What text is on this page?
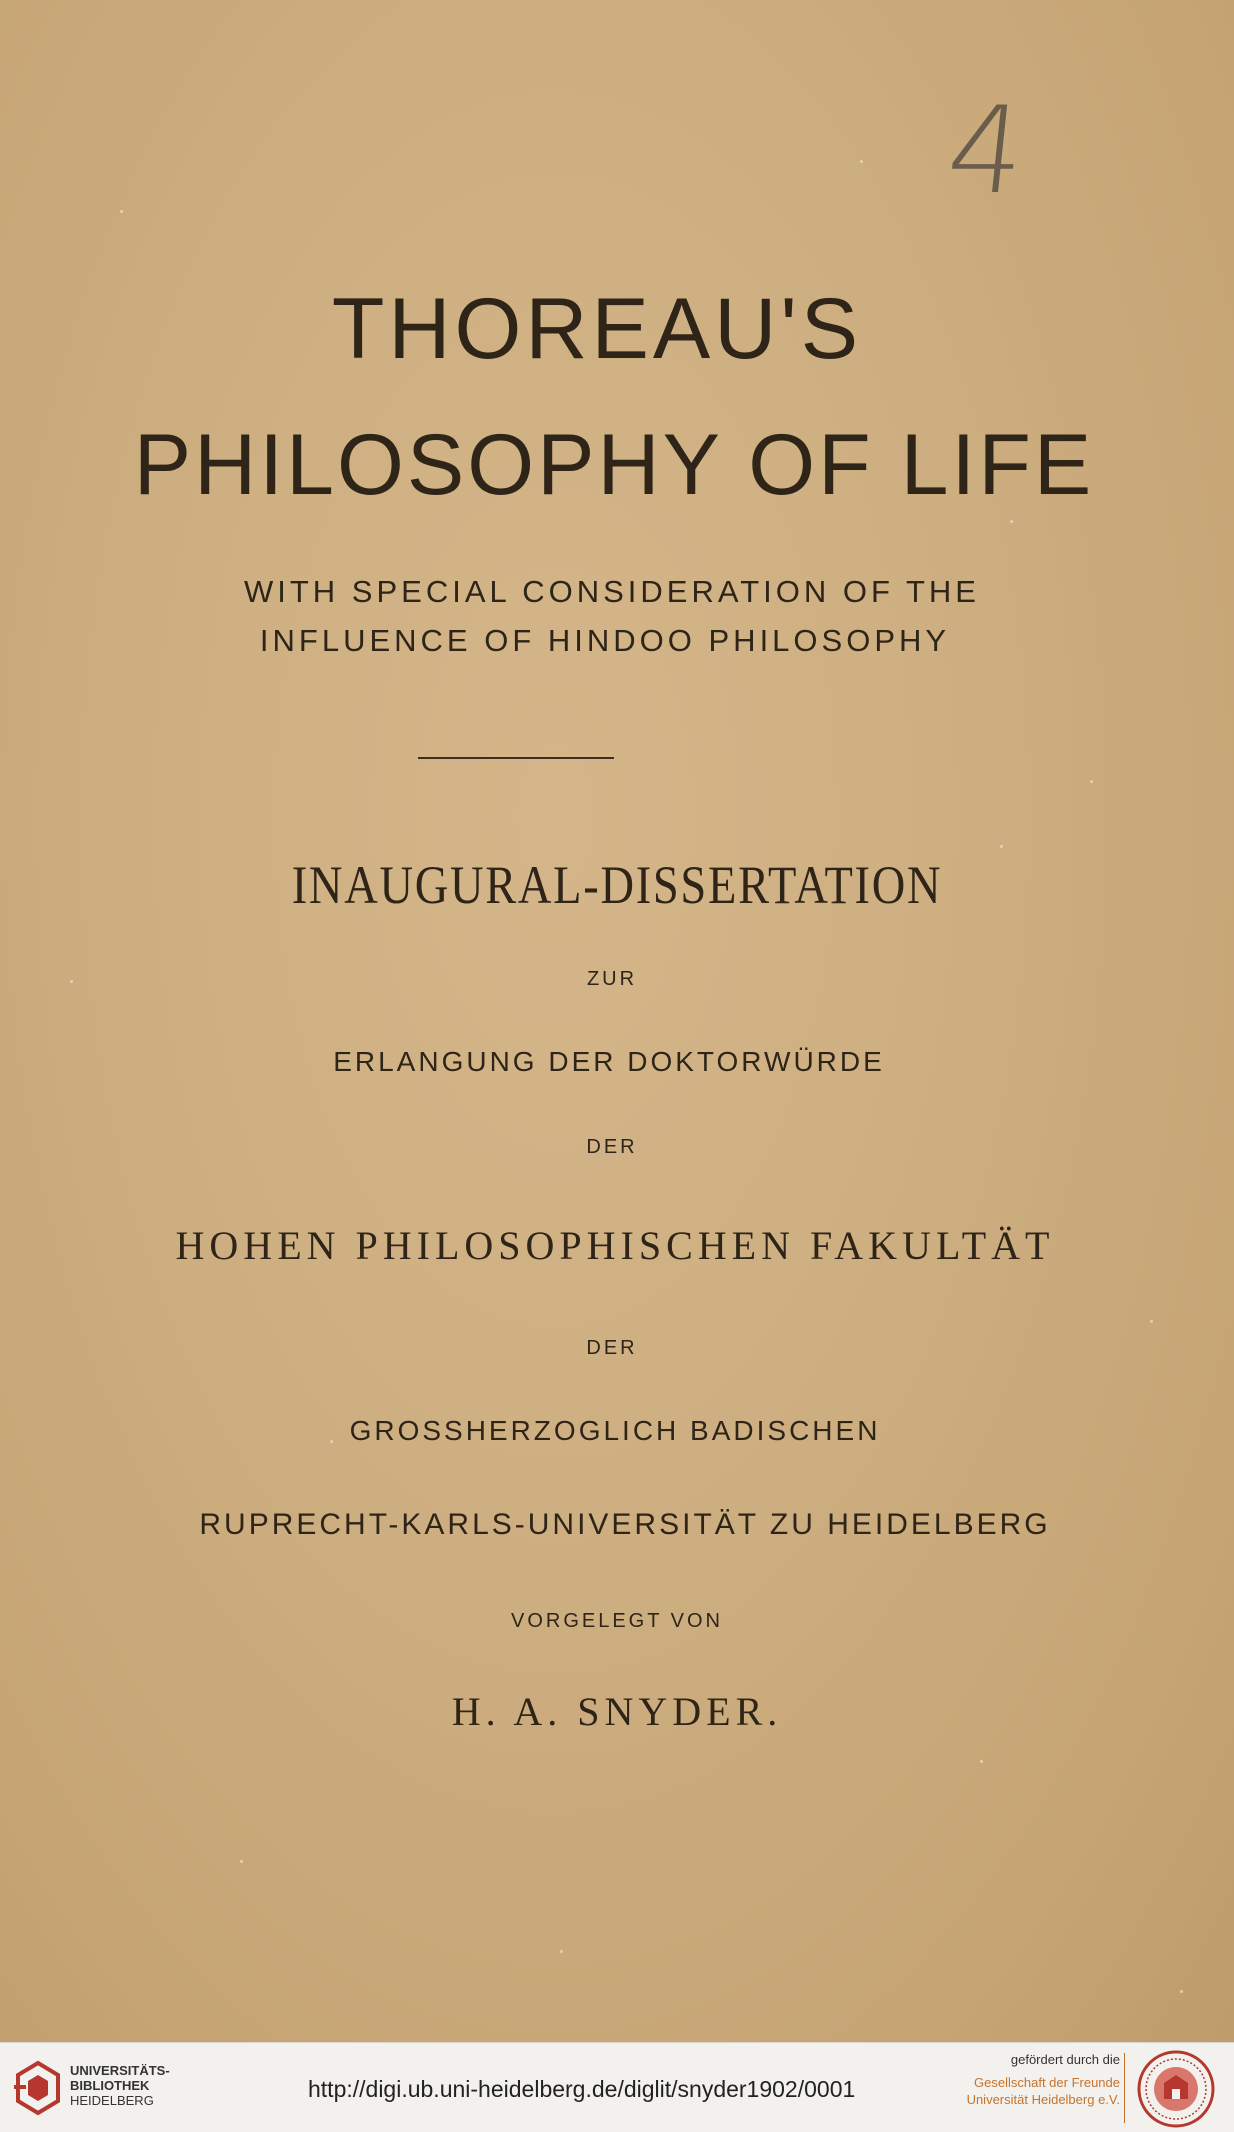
4
THOREAU'S
PHILOSOPHY OF LIFE

WITH SPECIAL CONSIDERATION OF THE

INFLUENCE OF HINDOO PHILOSOPHY

INAUGURAL-DISSERTATION

ZUR

ERLANGUNG DER DOKTORWÜRDE

DER

HOHEN PHILOSOPHISCHEN FAKULTÄT

DER

GROSSHERZOGLICH BADISCHEN

RUPRECHT-KARLS-UNIVERSITÄT ZU HEIDELBERG

VORGELEGT VON

H. A. SNYDER.

UNIVERSITÄTS-
BIBLIOTHEK
HEIDELBERG	http://digi.ub.uni-heidelberg.de/diglit/snyder1902/0001
gefördert durch die
Gesellschaft der Freunde
Universität Heidelberg e.V.
